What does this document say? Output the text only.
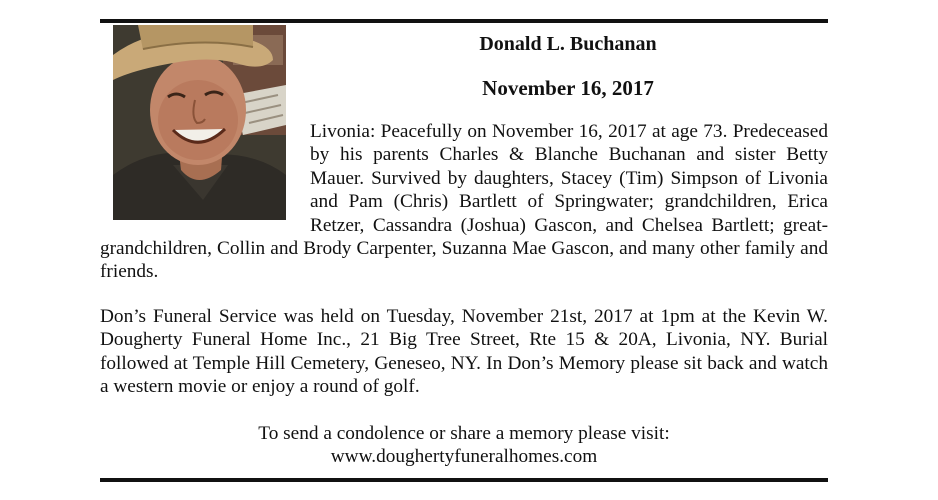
Donald L. Buchanan
November 16, 2017
Livonia: Peacefully on November 16, 2017 at age 73. Predeceased by his parents Charles & Blanche Buchanan and sister Betty Mauer. Survived by daughters, Stacey (Tim) Simpson of Livonia and Pam (Chris) Bartlett of Springwater; grandchildren, Erica Retzer, Cassandra (Joshua) Gascon, and Chelsea Bartlett; great-grandchildren, Collin and Brody Carpenter, Suzanna Mae Gascon, and many other family and friends.

Don’s Funeral Service was held on Tuesday, November 21st, 2017 at 1pm at the Kevin W. Dougherty Funeral Home Inc., 21 Big Tree Street, Rte 15 & 20A, Livonia, NY. Burial followed at Temple Hill Cemetery, Geneseo, NY. In Don’s Memory please sit back and watch a western movie or enjoy a round of golf.

To send a condolence or share a memory please visit:
www.doughertyfuneralhomes.com
